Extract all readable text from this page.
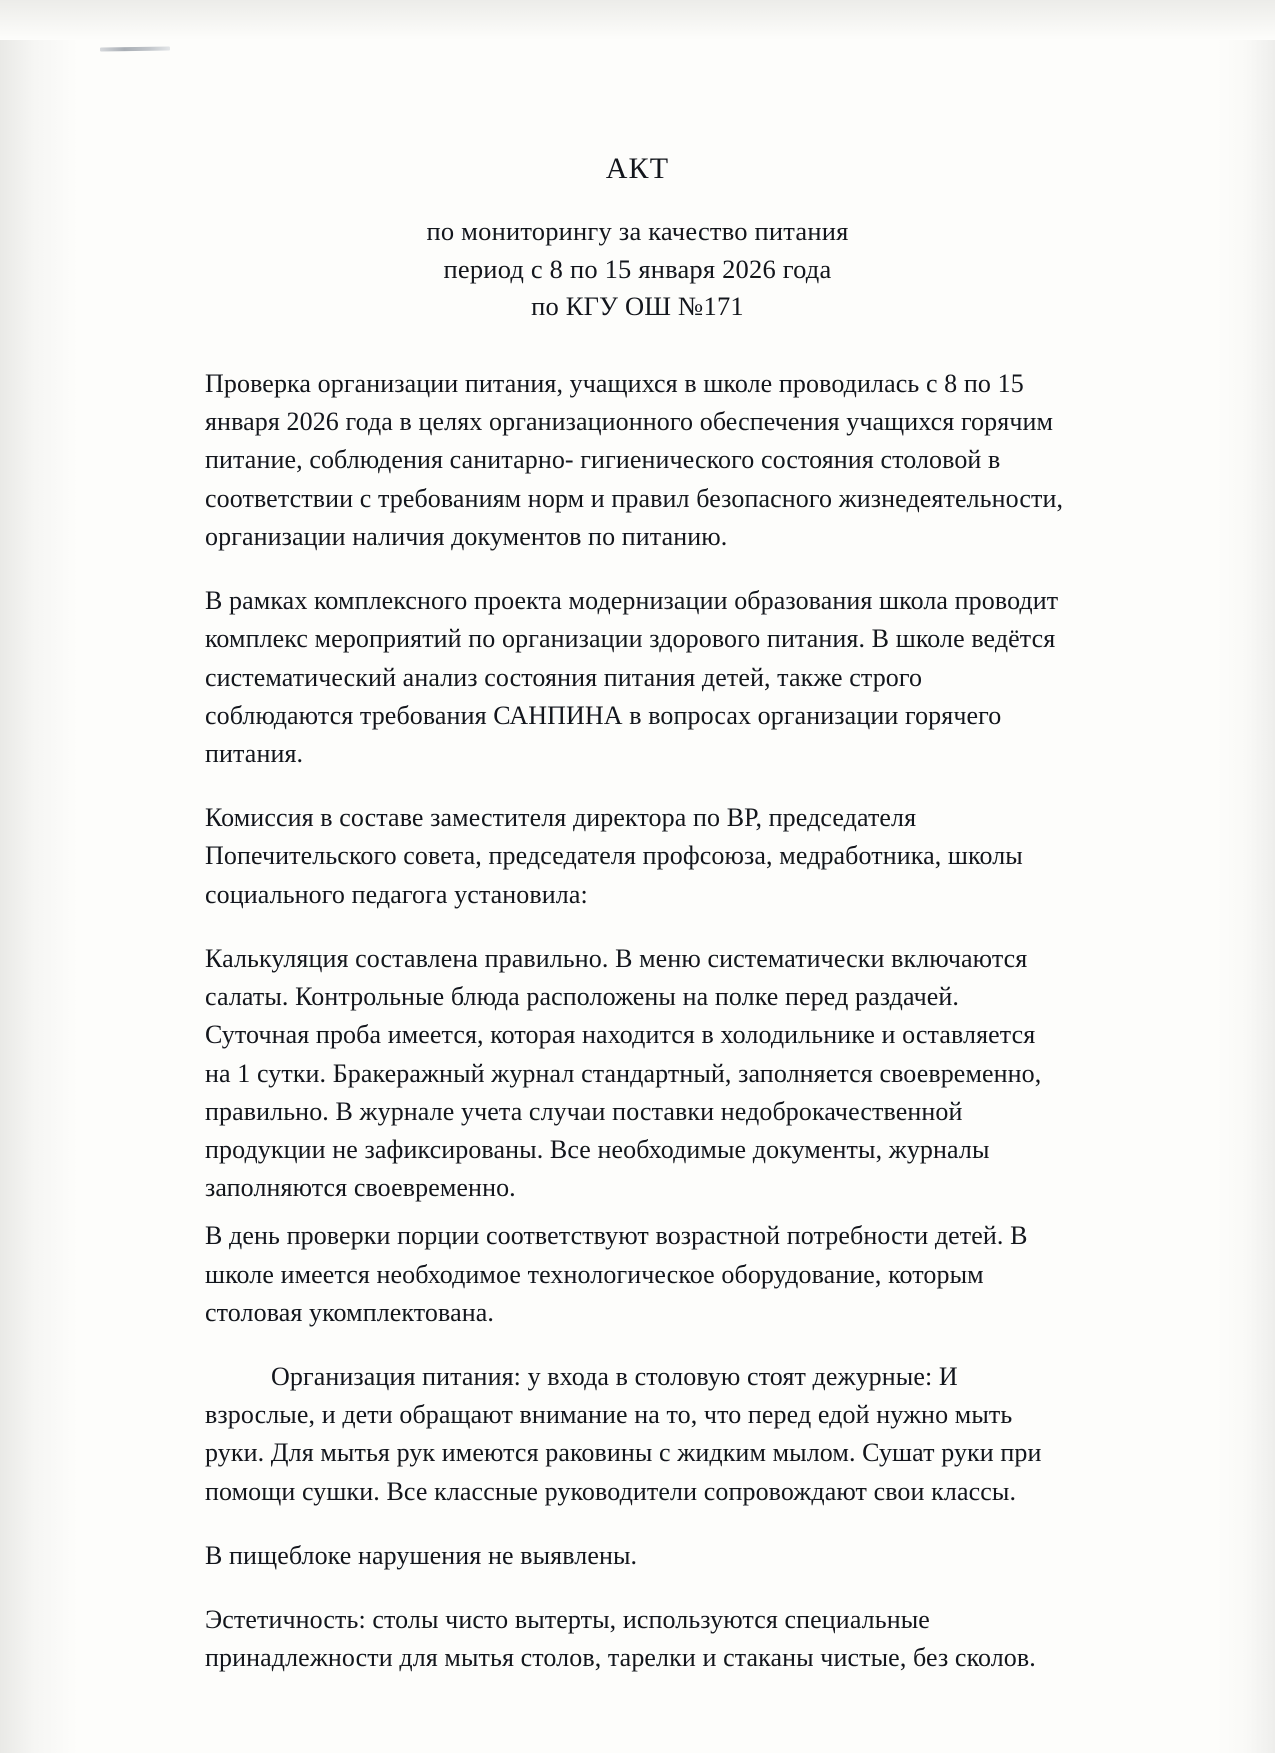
АКТ
по мониторингу за качество питания
период с 8 по 15 января 2026 года
по КГУ ОШ №171

Проверка организации питания, учащихся в школе проводилась с 8 по 15 января 2026 года в целях организационного обеспечения учащихся горячим питание, соблюдения санитарно- гигиенического состояния столовой в соответствии с требованиям норм и правил безопасного жизнедеятельности, организации наличия документов по питанию.

В рамках комплексного проекта модернизации образования школа проводит комплекс мероприятий по организации здорового питания. В школе ведётся систематический анализ состояния питания детей, также строго соблюдаются требования САНПИНА в вопросах организации горячего питания.

Комиссия в составе заместителя директора по ВР, председателя Попечительского совета, председателя профсоюза, медработника, школы социального педагога установила:

Калькуляция составлена правильно. В меню систематически включаются салаты. Контрольные блюда расположены на полке перед раздачей. Суточная проба имеется, которая находится в холодильнике и оставляется на 1 сутки. Бракеражный журнал стандартный, заполняется своевременно, правильно. В журнале учета случаи поставки недоброкачественной продукции не зафиксированы. Все необходимые документы, журналы заполняются своевременно.

В день проверки порции соответствуют возрастной потребности детей. В школе имеется необходимое технологическое оборудование, которым столовая укомплектована.

Организация питания: у входа в столовую стоят дежурные: И взрослые, и дети обращают внимание на то, что перед едой нужно мыть руки. Для мытья рук имеются раковины с жидким мылом. Сушат руки при помощи сушки. Все классные руководители сопровождают свои классы.

В пищеблоке нарушения не выявлены.

Эстетичность: столы чисто вытерты, используются специальные принадлежности для мытья столов, тарелки и стаканы чистые, без сколов.
